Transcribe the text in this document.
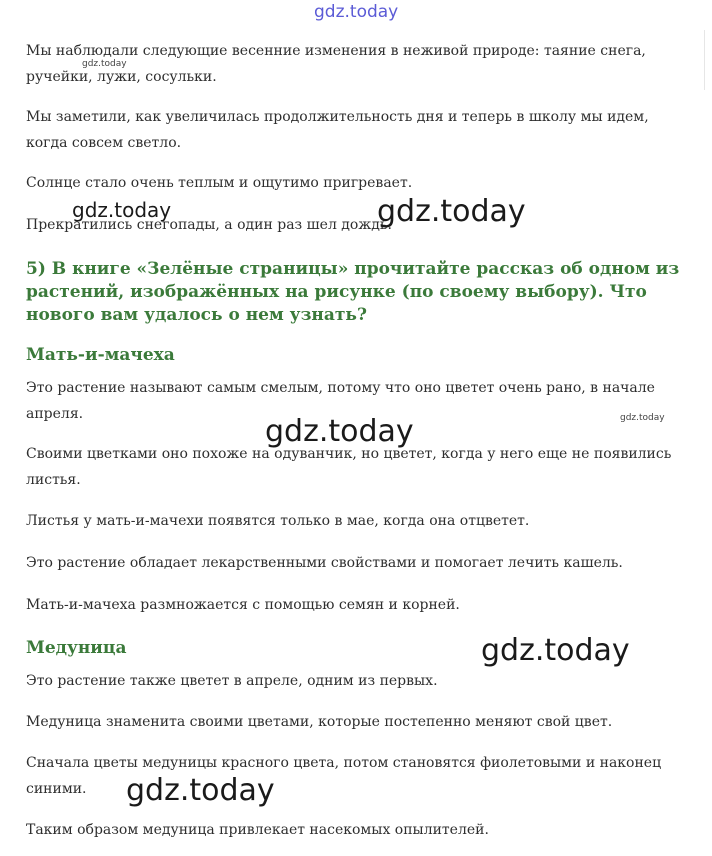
Мы наблюдали следующие весенние изменения в неживой природе: таяние снега, ручейки, лужи, сосульки.

Мы заметили, как увеличилась продолжительность дня и теперь в школу мы идем, когда совсем светло.

Солнце стало очень теплым и ощутимо пригревает.

Прекратились снегопады, а один раз шел дождь.

5) В книге «Зелёные страницы» прочитайте рассказ об одном из растений, изображённых на рисунке (по своему выбору). Что нового вам удалось о нем узнать?
Мать-и-мачеха

Это растение называют самым смелым, потому что оно цветет очень рано, в начале апреля.

Своими цветками оно похоже на одуванчик, но цветет, когда у него еще не появились листья.

Листья у мать-и-мачехи появятся только в мае, когда она отцветет.

Это растение обладает лекарственными свойствами и помогает лечить кашель.

Мать-и-мачеха размножается с помощью семян и корней.

Медуница

Это растение также цветет в апреле, одним из первых.

Медуница знаменита своими цветами, которые постепенно меняют свой цвет.

Сначала цветы медуницы красного цвета, потом становятся фиолетовыми и наконец синими.

Таким образом медуница привлекает насекомых опылителей.

gdz.today
gdz.today
gdz.today	gdz.today
gdz.today
gdz.today
gdz.today
gdz.today
